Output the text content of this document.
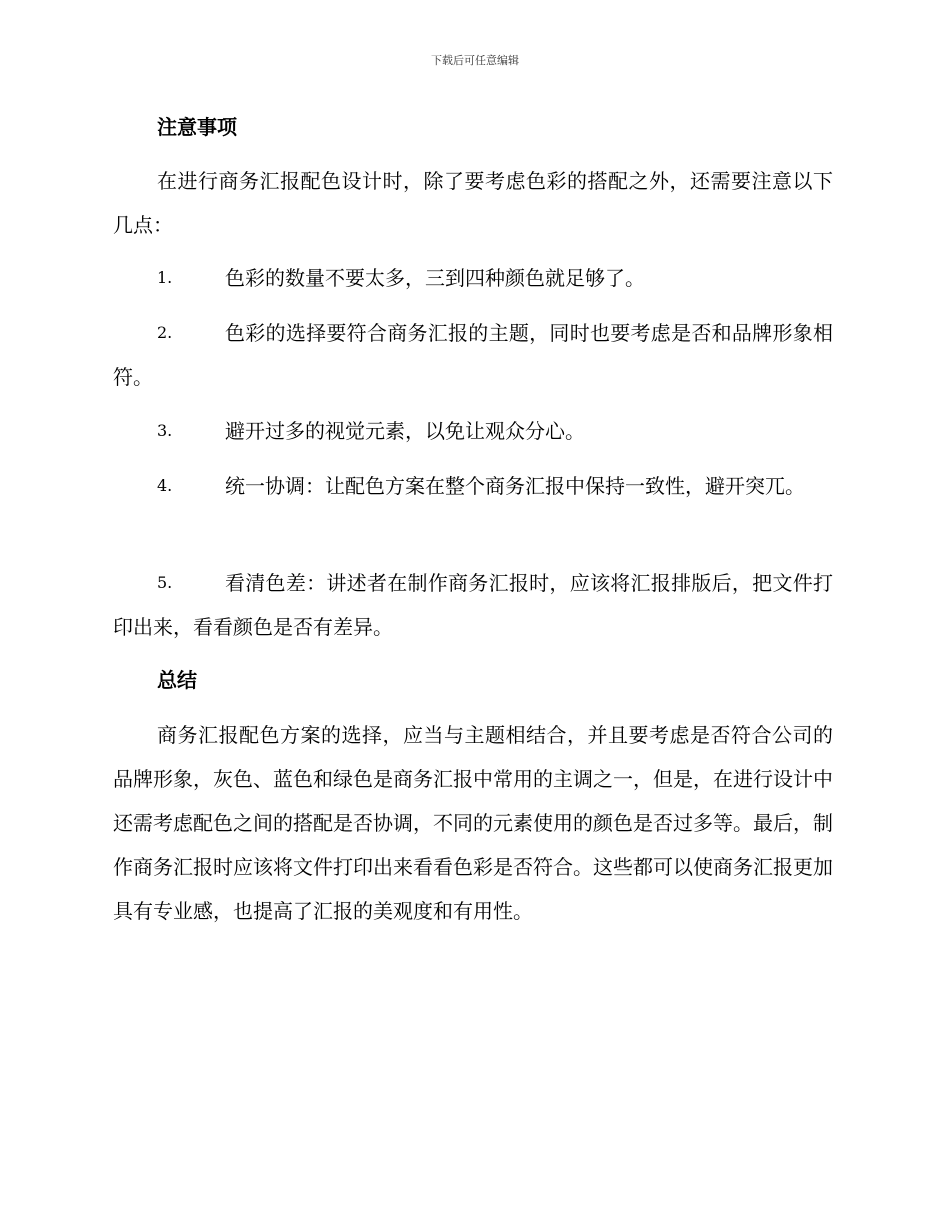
下载后可任意编辑
注意事项
在进行商务汇报配色设计时，除了要考虑色彩的搭配之外，还需要注意以下几点：
1.	色彩的数量不要太多，三到四种颜色就足够了。
2.	色彩的选择要符合商务汇报的主题，同时也要考虑是否和品牌形象相符。
3.	避开过多的视觉元素，以免让观众分心。
4.	统一协调：让配色方案在整个商务汇报中保持一致性，避开突兀。
5.	看清色差：讲述者在制作商务汇报时，应该将汇报排版后，把文件打印出来，看看颜色是否有差异。
总结
商务汇报配色方案的选择，应当与主题相结合，并且要考虑是否符合公司的品牌形象，灰色、蓝色和绿色是商务汇报中常用的主调之一，但是，在进行设计中还需考虑配色之间的搭配是否协调，不同的元素使用的颜色是否过多等。最后，制作商务汇报时应该将文件打印出来看看色彩是否符合。这些都可以使商务汇报更加具有专业感，也提高了汇报的美观度和有用性。
